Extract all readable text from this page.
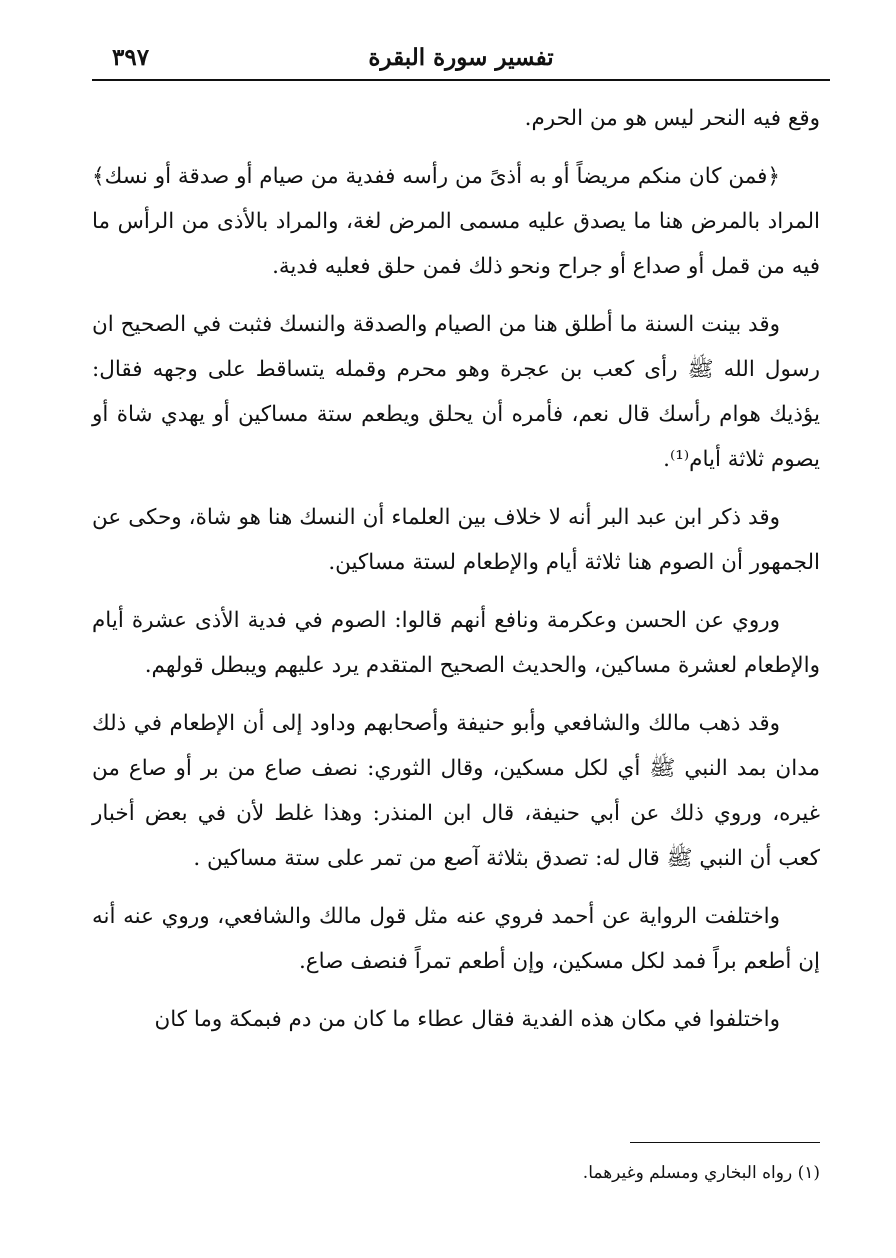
تفسير سورة البقرة
٣٩٧

وقع فيه النحر ليس هو من الحرم.

﴿فمن كان منكم مريضاً أو به أذىً من رأسه ففدية من صيام أو صدقة أو نسك﴾ المراد بالمرض هنا ما يصدق عليه مسمى المرض لغة، والمراد بالأذى من الرأس ما فيه من قمل أو صداع أو جراح ونحو ذلك فمن حلق فعليه فدية.

وقد بينت السنة ما أطلق هنا من الصيام والصدقة والنسك فثبت في الصحيح ان رسول الله ﷺ رأى كعب بن عجرة وهو محرم وقمله يتساقط على وجهه فقال: يؤذيك هوام رأسك قال نعم، فأمره أن يحلق ويطعم ستة مساكين أو يهدي شاة أو يصوم ثلاثة أيام⁽¹⁾.

وقد ذكر ابن عبد البر أنه لا خلاف بين العلماء أن النسك هنا هو شاة، وحكى عن الجمهور أن الصوم هنا ثلاثة أيام والإطعام لستة مساكين.

وروي عن الحسن وعكرمة ونافع أنهم قالوا: الصوم في فدية الأذى عشرة أيام والإطعام لعشرة مساكين، والحديث الصحيح المتقدم يرد عليهم ويبطل قولهم.

وقد ذهب مالك والشافعي وأبو حنيفة وأصحابهم وداود إلى أن الإطعام في ذلك مدان بمد النبي ﷺ أي لكل مسكين، وقال الثوري: نصف صاع من بر أو صاع من غيره، وروي ذلك عن أبي حنيفة، قال ابن المنذر: وهذا غلط لأن في بعض أخبار كعب أن النبي ﷺ قال له: تصدق بثلاثة آصع من تمر على ستة مساكين .

واختلفت الرواية عن أحمد فروي عنه مثل قول مالك والشافعي، وروي عنه أنه إن أطعم براً فمد لكل مسكين، وإن أطعم تمراً فنصف صاع.

واختلفوا في مكان هذه الفدية فقال عطاء ما كان من دم فبمكة وما كان

(١) رواه البخاري ومسلم وغيرهما.
